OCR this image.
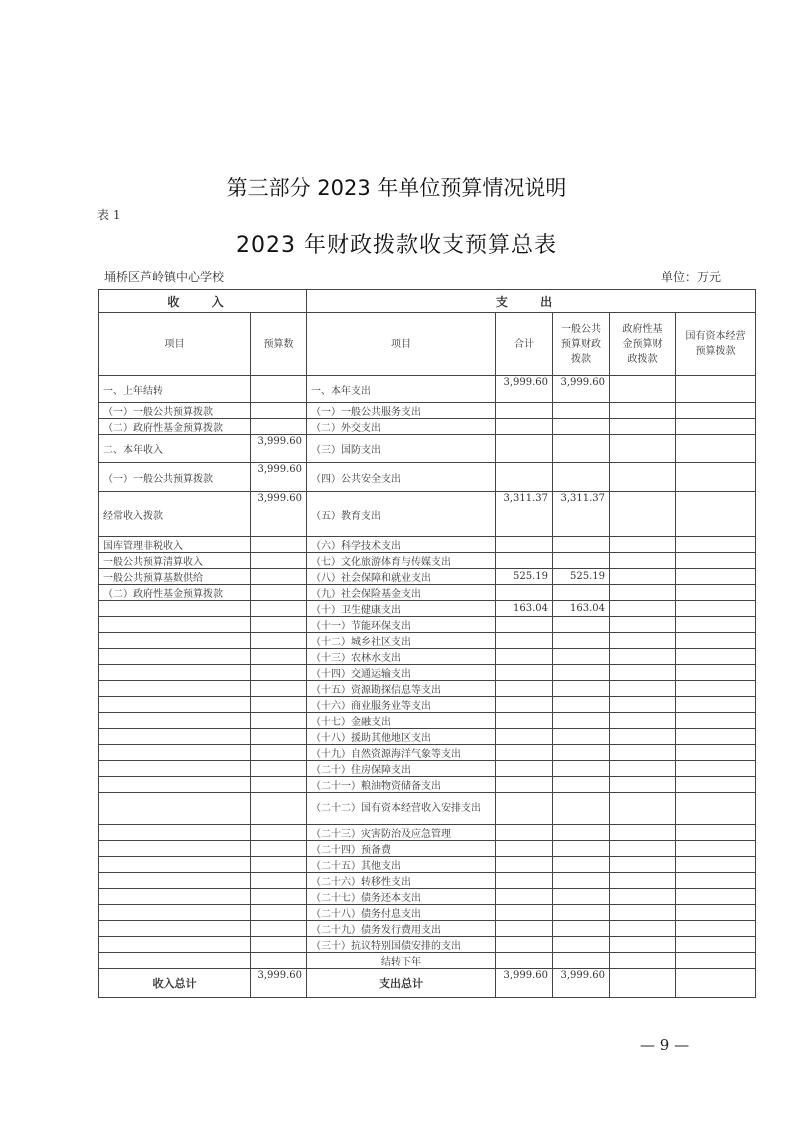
第三部分 2023 年单位预算情况说明
表 1
2023 年财政拨款收支预算总表
埇桥区芦岭镇中心学校	单位：万元
收 入		支 出				
项目	预算数	项目	合计	一般公共预算财政拨款	政府性基金预算财政拨款	国有资本经营预算拨款
一、上年结转		一、本年支出	3,999.60	3,999.60		
（一）一般公共预算拨款		（一）一般公共服务支出				
（二）政府性基金预算拨款		（二）外交支出				
二、本年收入	3,999.60	（三）国防支出				
（一）一般公共预算拨款	3,999.60	（四）公共安全支出				
经常收入拨款	3,999.60	（五）教育支出	3,311.37	3,311.37		
国库管理非税收入		（六）科学技术支出				
一般公共预算清算收入		（七）文化旅游体育与传媒支出				
一般公共预算基数供给		（八）社会保障和就业支出	525.19	525.19		
（二）政府性基金预算拨款		（九）社会保险基金支出				
		（十）卫生健康支出	163.04	163.04		
		（十一）节能环保支出				
		（十二）城乡社区支出				
		（十三）农林水支出				
		（十四）交通运输支出				
		（十五）资源勘探信息等支出				
		（十六）商业服务业等支出				
		（十七）金融支出				
		（十八）援助其他地区支出				
		（十九）自然资源海洋气象等支出				
		（二十）住房保障支出				
		（二十一）粮油物资储备支出				
		（二十二）国有资本经营收入安排支出				
		（二十三）灾害防治及应急管理				
		（二十四）预备费				
		（二十五）其他支出				
		（二十六）转移性支出				
		（二十七）债务还本支出				
		（二十八）债务付息支出				
		（二十九）债务发行费用支出				
		（三十）抗议特别国债安排的支出				
		结转下年				
收入总计	3,999.60	支出总计	3,999.60	3,999.60		
— 9 —
